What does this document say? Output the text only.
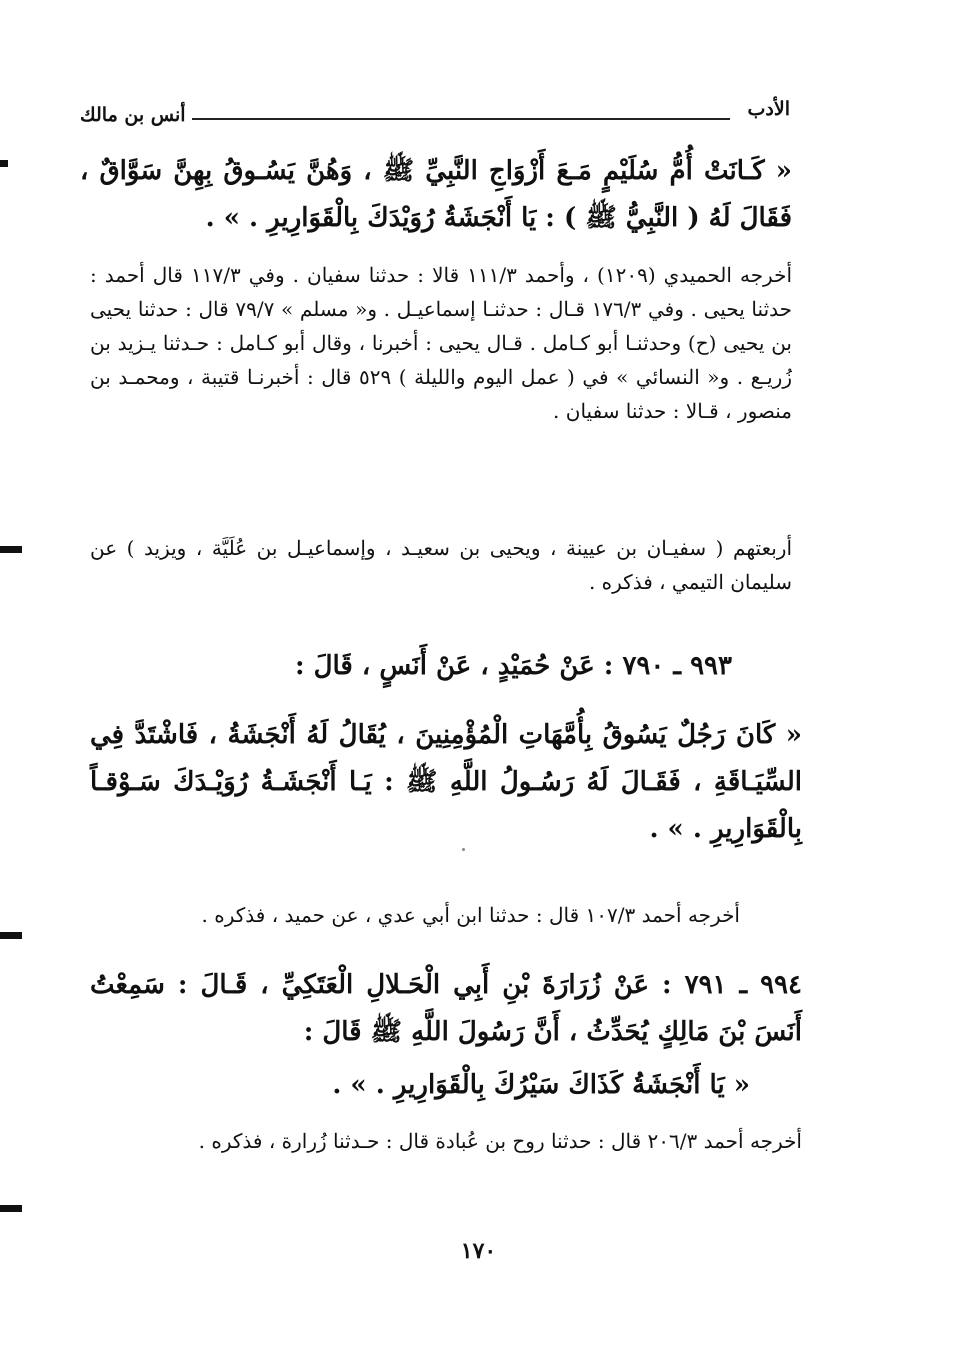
الأدب
أنس بن مالك
« كَـانَتْ أُمُّ سُلَيْمٍ مَـعَ أَزْوَاجِ النَّبِيِّ ﷺ ، وَهُنَّ يَسُـوقُ بِهِنَّ سَوَّاقٌ ، فَقَالَ لَهُ ( النَّبِيُّ ﷺ ) : يَا أَنْجَشَةُ رُوَيْدَكَ بِالْقَوَارِيرِ . » .
أخرجه الحميدي (١٢٠٩) ، وأحمد ١١١/٣ قالا : حدثنا سفيان . وفي ١١٧/٣ قال أحمد : حدثنا يحيى . وفي ١٧٦/٣ قـال : حدثنـا إسماعيـل . و« مسلم » ٧٩/٧ قال : حدثنا يحيى بن يحيى (ح) وحدثنـا أبو كـامل . قـال يحيى : أخبرنا ، وقال أبو كـامل : حـدثنا يـزيد بن زُريـع . و« النسائي » في ( عمل اليوم والليلة ) ٥٢٩ قال : أخبرنـا قتيبة ، ومحمـد بن منصور ، قـالا : حدثنا سفيان .
أربعتهم ( سفيـان بن عيينة ، ويحيى بن سعيـد ، وإسماعيـل بن عُلَيَّة ، ويزيد ) عن سليمان التيمي ، فذكره .
٩٩٣ ـ ٧٩٠ : عَنْ حُمَيْدٍ ، عَنْ أَنَسٍ ، قَالَ :
« كَانَ رَجُلٌ يَسُوقُ بِأُمَّهَاتِ الْمُؤْمِنِينَ ، يُقَالُ لَهُ أَنْجَشَةُ ، فَاشْتَدَّ فِي السِّيَـاقَةِ ، فَقَـالَ لَهُ رَسُـولُ اللَّهِ ﷺ : يَـا أَنْجَشَـةُ رُوَيْـدَكَ سَـوْقـاً بِالْقَوَارِيرِ . » .
أخرجه أحمد ١٠٧/٣ قال : حدثنا ابن أبي عدي ، عن حميد ، فذكره .
٩٩٤ ـ ٧٩١ : عَنْ زُرَارَةَ بْنِ أَبِي الْحَـلالِ الْعَتَكِيِّ ، قَـالَ : سَمِعْتُ أَنَسَ بْنَ مَالِكٍ يُحَدِّثُ ، أَنَّ رَسُولَ اللَّهِ ﷺ قَالَ :
« يَا أَنْجَشَةُ كَذَاكَ سَيْرُكَ بِالْقَوَارِيرِ . » .
أخرجه أحمد ٢٠٦/٣ قال : حدثنا روح بن عُبادة قال : حـدثنا زُرارة ، فذكره .
١٧٠
